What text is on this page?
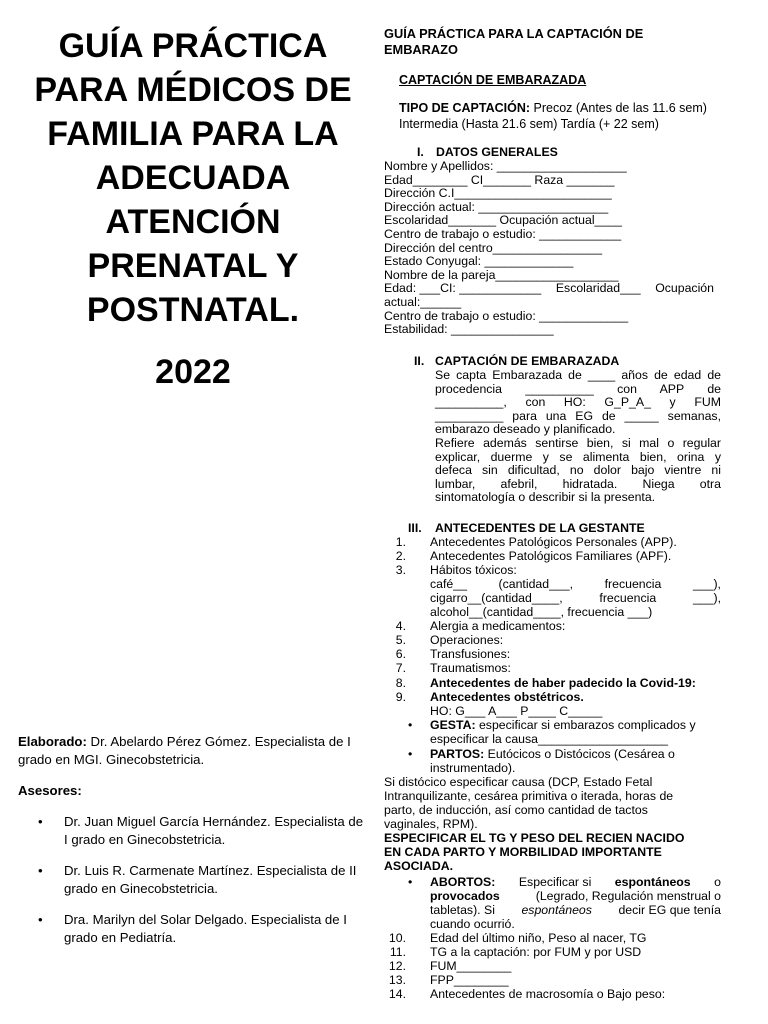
GUÍA PRÁCTICA
PARA MÉDICOS DE
FAMILIA PARA LA
ADECUADA
ATENCIÓN
PRENATAL Y
POSTNATAL.
2022

Elaborado: Dr. Abelardo Pérez Gómez. Especialista de I grado en MGI. Ginecobstetricia.

Asesores:

• Dr. Juan Miguel García Hernández. Especialista de I grado en Ginecobstetricia.
• Dr. Luis R. Carmenate Martínez. Especialista de II grado en Ginecobstetricia.
• Dra. Marilyn del Solar Delgado. Especialista de I grado en Pediatría.
GUÍA PRÁCTICA PARA LA CAPTACIÓN DE
EMBARAZO
CAPTACIÓN DE EMBARAZADA
TIPO DE CAPTACIÓN: Precoz (Antes de las 11.6 sem)
Intermedia (Hasta 21.6 sem) Tardía (+ 22 sem)
I. DATOS GENERALES
Nombre y Apellidos: ___________________
Edad________ CI_______ Raza _______
Dirección C.I_______________________
Dirección actual: ___________________
Escolaridad_______ Ocupación actual____
Centro de trabajo o estudio: ____________
Dirección del centro________________
Estado Conyugal: _____________
Nombre de la pareja__________________
Edad: ___CI: ____________ Escolaridad___ Ocupación
actual:______
Centro de trabajo o estudio: _____________
Estabilidad: _______________
II. CAPTACIÓN DE EMBARAZADA
Se capta Embarazada de ____ años de edad de
procedencia __________ con APP de
__________, con HO: G_P_A_ y FUM
__________ para una EG de _____ semanas,
embarazo deseado y planificado.
Refiere además sentirse bien, si mal o regular
explicar, duerme y se alimenta bien, orina y
defeca sin dificultad, no dolor bajo vientre ni
lumbar, afebril, hidratada. Niega otra
sintomatología o describir si la presenta.
III. ANTECEDENTES DE LA GESTANTE
1. Antecedentes Patológicos Personales (APP).
2. Antecedentes Patológicos Familiares (APF).
3. Hábitos tóxicos:
café__	(cantidad___,	frecuencia	___),
cigarro__(cantidad____,	frecuencia	___),
alcohol__(cantidad____, frecuencia ___)
4. Alergia a medicamentos:
5. Operaciones:
6. Transfusiones:
7. Traumatismos:
8. Antecedentes de haber padecido la Covid-19:
9. Antecedentes obstétricos.
HO: G___ A___ P____ C_____
• GESTA: especificar si embarazos complicados y
especificar la causa___________________
• PARTOS: Eutócicos o Distócicos (Cesárea o
instrumentado).
Si distócico especificar causa (DCP, Estado Fetal
Intranquilizante, cesárea primitiva o iterada, horas de
parto, de inducción, así como cantidad de tactos
vaginales, RPM).
ESPECIFICAR EL TG Y PESO DEL RECIEN NACIDO
EN CADA PARTO Y MORBILIDAD IMPORTANTE
ASOCIADA.
• ABORTOS: Especificar si espontáneos o
provocados	(Legrado, Regulación menstrual o
tabletas). Si espontáneos decir EG que tenía
cuando ocurrió.
10. Edad del último niño, Peso al nacer, TG
11. TG a la captación: por FUM y por USD
12. FUM________
13. FPP________
14. Antecedentes de macrosomía o Bajo peso:
